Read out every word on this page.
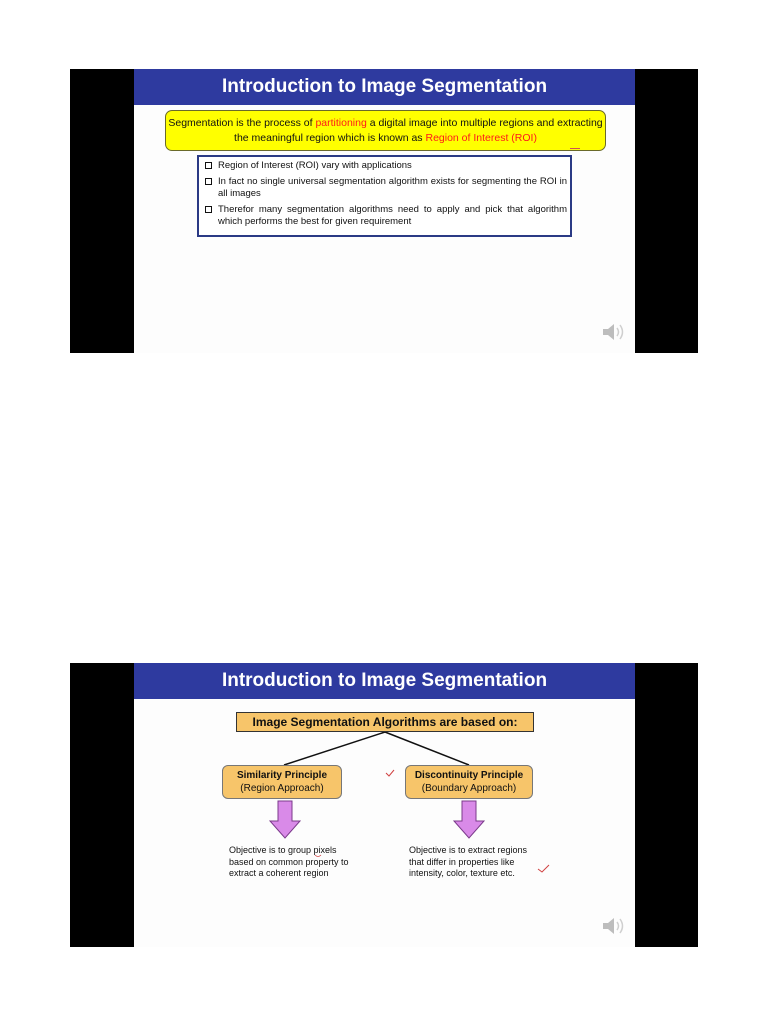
Introduction to Image Segmentation
Segmentation is the process of partitioning a digital image into multiple regions and extracting the meaningful region which is known as Region of Interest (ROI)
Region of Interest (ROI) vary with applications
In fact no single universal segmentation algorithm exists for segmenting the ROI in all images
Therefor many segmentation algorithms need to apply and pick that algorithm which performs the best for given requirement
Introduction to Image Segmentation
Image Segmentation Algorithms are based on:
Similarity Principle
(Region Approach)
Discontinuity Principle
(Boundary Approach)
Objective is to group pixels based on common property to extract a coherent region
Objective is to extract regions that differ in properties like intensity, color, texture etc.
